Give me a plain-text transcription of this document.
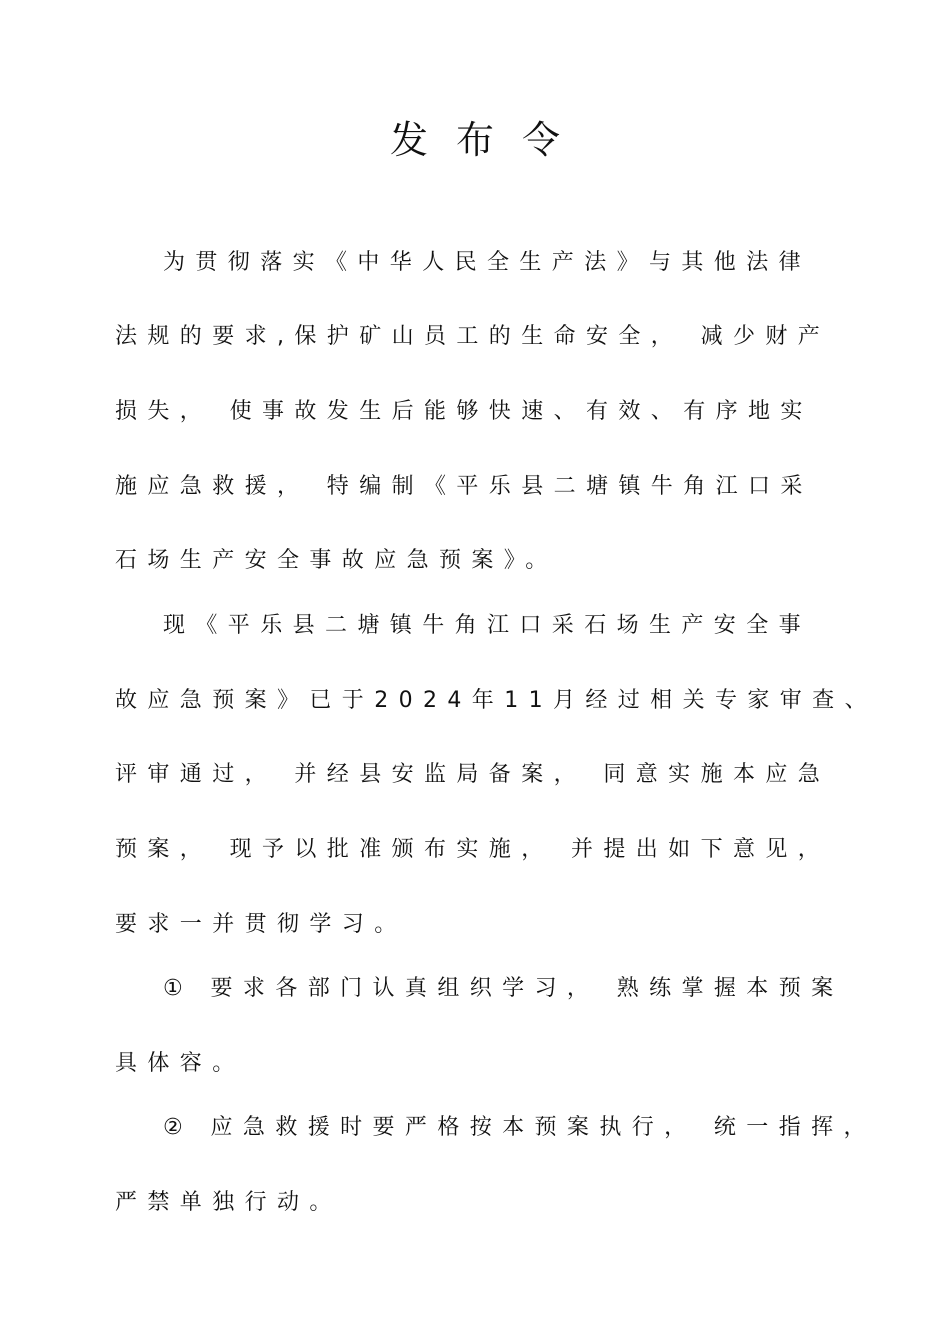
发布令
为贯彻落实《中华人民全生产法》与其他法律
法规的要求,保护矿山员工的生命安全， 减少财产
损失， 使事故发生后能够快速、有效、有序地实
施应急救援， 特编制《平乐县二塘镇牛角江口采
石场生产安全事故应急预案》。
现《平乐县二塘镇牛角江口采石场生产安全事
故应急预案》已于2024年11月经过相关专家审查、
评审通过， 并经县安监局备案， 同意实施本应急
预案， 现予以批准颁布实施， 并提出如下意见，
要求一并贯彻学习。
① 要求各部门认真组织学习， 熟练掌握本预案
具体容。
② 应急救援时要严格按本预案执行， 统一指挥，
严禁单独行动。
